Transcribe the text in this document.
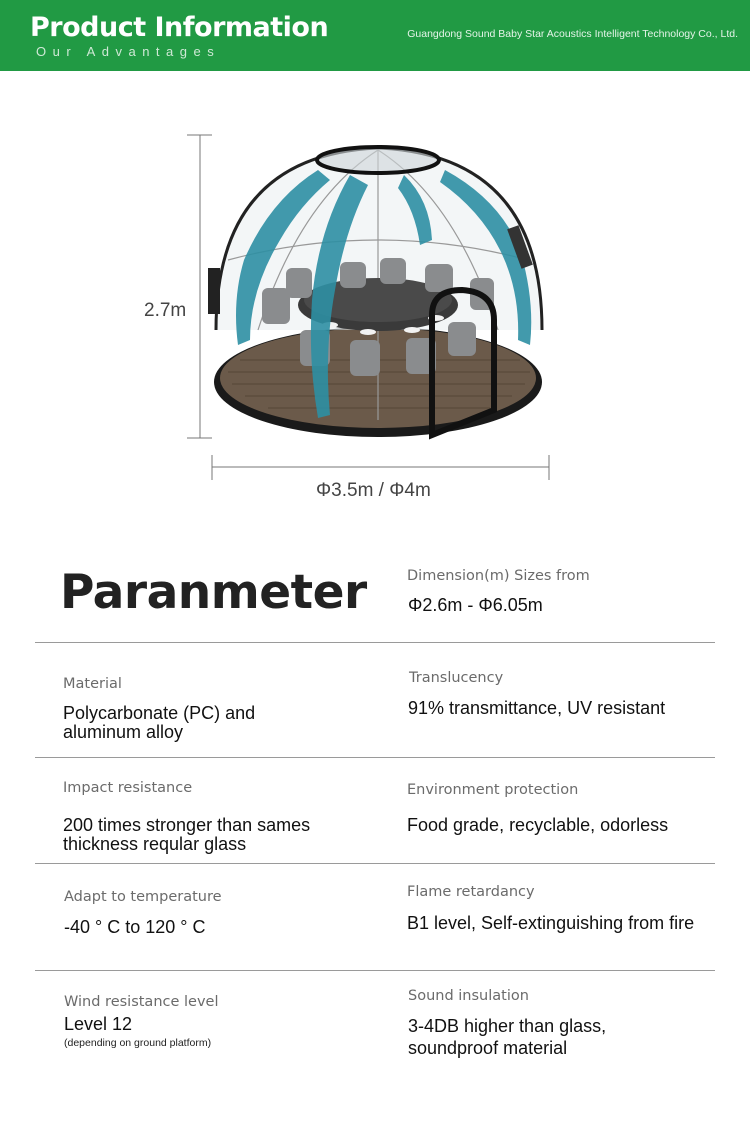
Product Information
Our Advantages
Guangdong Sound Baby Star Acoustics Intelligent Technology Co., Ltd.
2.7m
Φ3.5m / Φ4m
Paranmeter	Dimension(m) Sizes from
Φ2.6m - Φ6.05m
Material
Polycarbonate (PC) and
aluminum alloy
Translucency
91% transmittance, UV resistant
Impact resistance
200 times stronger than sames
thickness reqular glass
Environment protection
Food grade, recyclable, odorless
Adapt to temperature
-40 ° C to 120 ° C
Flame retardancy
B1 level, Self-extinguishing from fire
Wind resistance level
Level 12
(depending on ground platform)
Sound insulation
3-4DB higher than glass,
soundproof material
